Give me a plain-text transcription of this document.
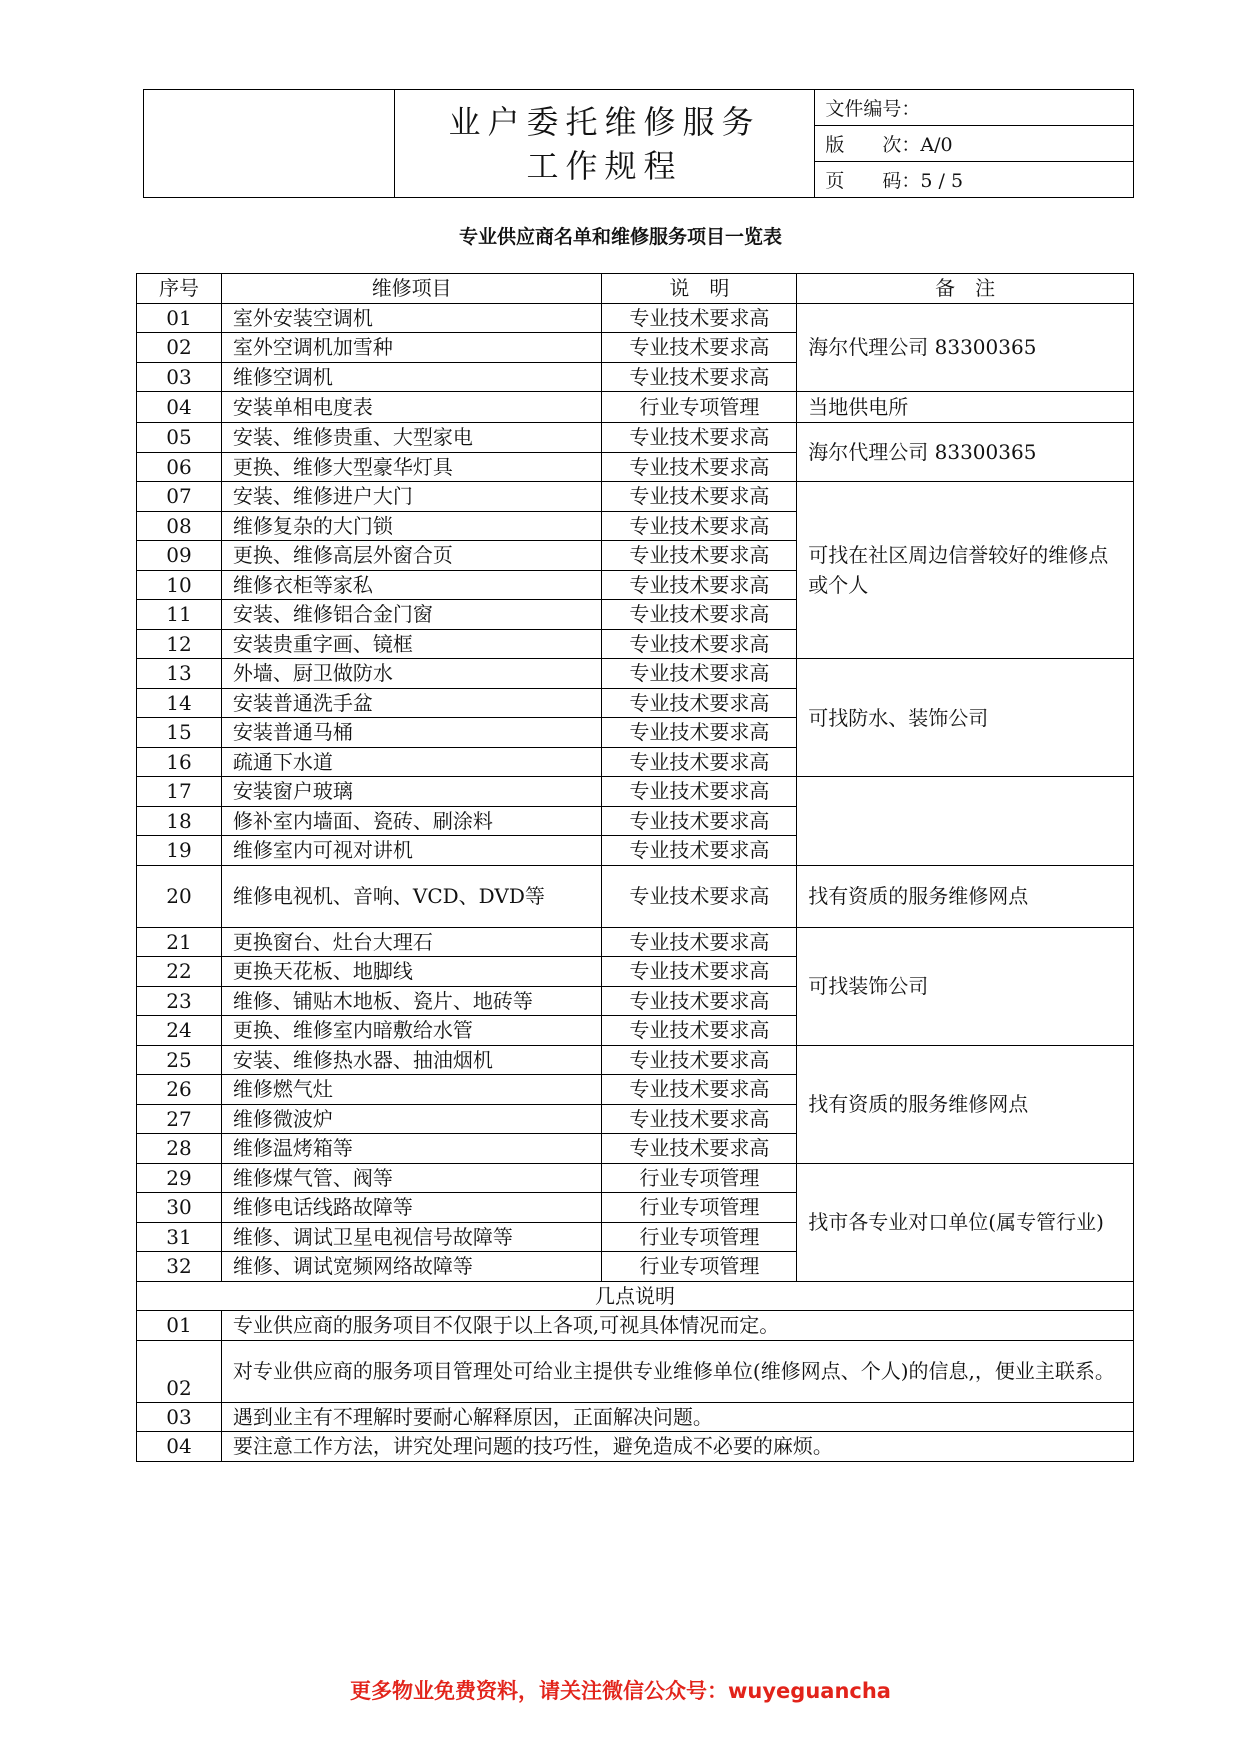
业户委托维修服务
工作规程
	文件编号：
版　　次：A/0
页　　码：5 / 5
专业供应商名单和维修服务项目一览表
序号	维修项目	说　明	备　注
01	室外安装空调机	专业技术要求高	海尔代理公司 83300365
02	室外空调机加雪种	专业技术要求高	
03	维修空调机	专业技术要求高	
04	安装单相电度表	行业专项管理	当地供电所
05	安装、维修贵重、大型家电	专业技术要求高	海尔代理公司 83300365
06	更换、维修大型豪华灯具	专业技术要求高	
07	安装、维修进户大门	专业技术要求高	可找在社区周边信誉较好的维修点或个人
08	维修复杂的大门锁	专业技术要求高	
09	更换、维修高层外窗合页	专业技术要求高	
10	维修衣柜等家私	专业技术要求高	
11	安装、维修铝合金门窗	专业技术要求高	
12	安装贵重字画、镜框	专业技术要求高	
13	外墙、厨卫做防水	专业技术要求高	可找防水、装饰公司
14	安装普通洗手盆	专业技术要求高	
15	安装普通马桶	专业技术要求高	
16	疏通下水道	专业技术要求高	
17	安装窗户玻璃	专业技术要求高	
18	修补室内墙面、瓷砖、刷涂料	专业技术要求高	
19	维修室内可视对讲机	专业技术要求高	
20	维修电视机、音响、VCD、DVD等	专业技术要求高	找有资质的服务维修网点
21	更换窗台、灶台大理石	专业技术要求高	可找装饰公司
22	更换天花板、地脚线	专业技术要求高	
23	维修、铺贴木地板、瓷片、地砖等	专业技术要求高	
24	更换、维修室内暗敷给水管	专业技术要求高	
25	安装、维修热水器、抽油烟机	专业技术要求高	找有资质的服务维修网点
26	维修燃气灶	专业技术要求高	
27	维修微波炉	专业技术要求高	
28	维修温烤箱等	专业技术要求高	
29	维修煤气管、阀等	行业专项管理	找市各专业对口单位(属专管行业)
30	维修电话线路故障等	行业专项管理	
31	维修、调试卫星电视信号故障等	行业专项管理	
32	维修、调试宽频网络故障等	行业专项管理	
几点说明			
01	专业供应商的服务项目不仅限于以上各项,可视具体情况而定。		
02	对专业供应商的服务项目管理处可给业主提供专业维修单位(维修网点、个人)的信息,，便业主联系。		
03	遇到业主有不理解时要耐心解释原因，正面解决问题。		
04	要注意工作方法，讲究处理问题的技巧性，避免造成不必要的麻烦。		
更多物业免费资料，请关注微信公众号：wuyeguancha
